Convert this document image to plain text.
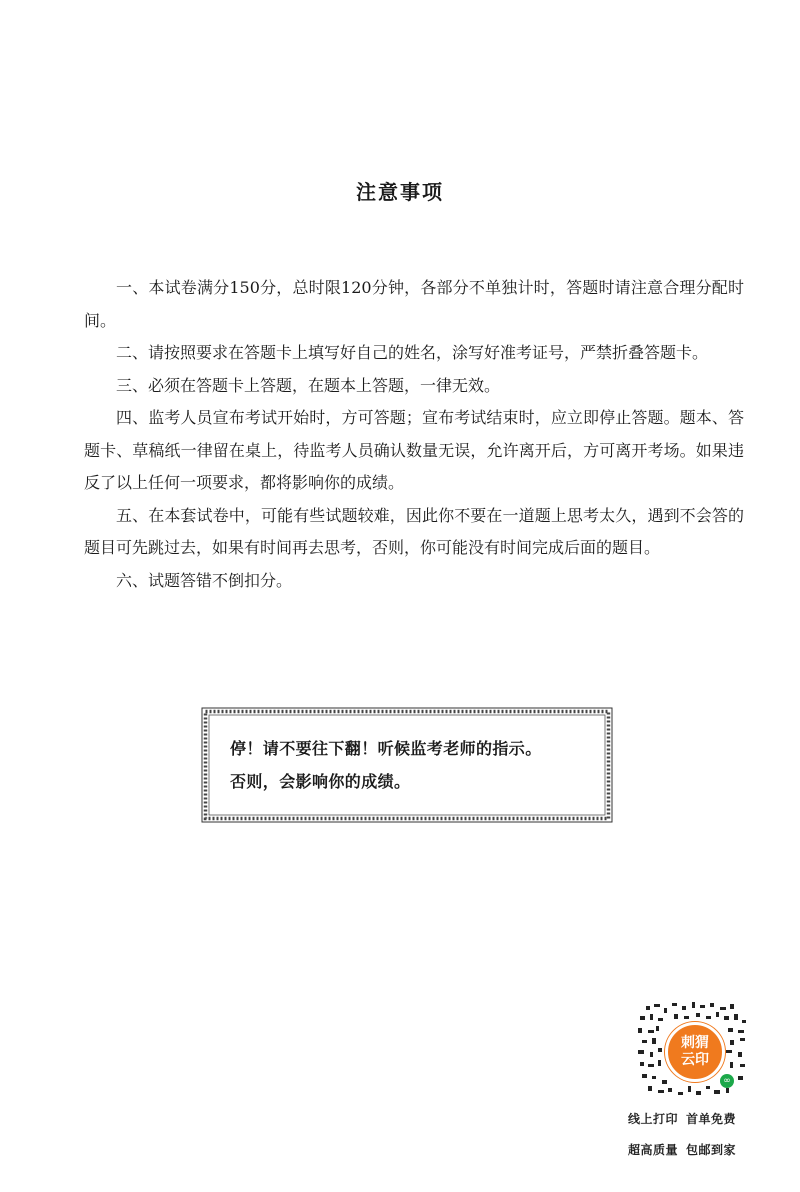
注意事项

一、本试卷满分150分，总时限120分钟，各部分不单独计时，答题时请注意合理分配时间。

二、请按照要求在答题卡上填写好自己的姓名，涂写好准考证号，严禁折叠答题卡。

三、必须在答题卡上答题，在题本上答题，一律无效。

四、监考人员宣布考试开始时，方可答题；宣布考试结束时，应立即停止答题。题本、答题卡、草稿纸一律留在桌上，待监考人员确认数量无误，允许离开后，方可离开考场。如果违反了以上任何一项要求，都将影响你的成绩。

五、在本套试卷中，可能有些试题较难，因此你不要在一道题上思考太久，遇到不会答的题目可先跳过去，如果有时间再去思考，否则，你可能没有时间完成后面的题目。

六、试题答错不倒扣分。

停！请不要往下翻！听候监考老师的指示。
否则，会影响你的成绩。
刺猬
云印
∞
线上打印 首单免费
超高质量 包邮到家
